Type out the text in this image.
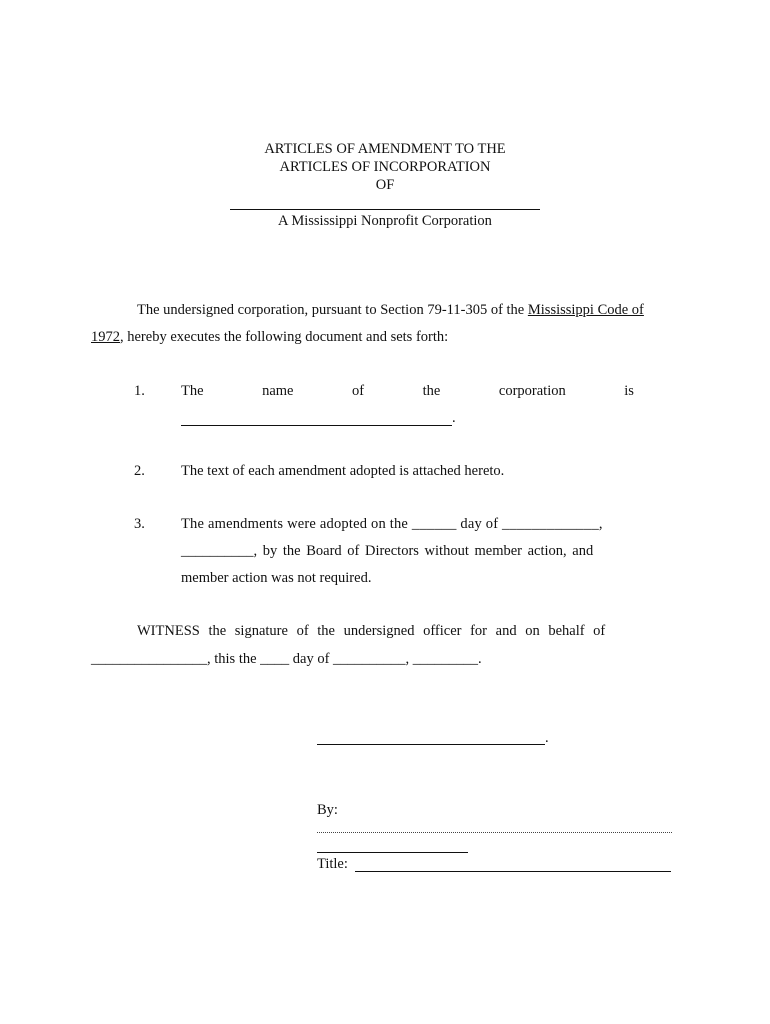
ARTICLES OF AMENDMENT TO THE
ARTICLES OF INCORPORATION
OF
A Mississippi Nonprofit Corporation
The undersigned corporation, pursuant to Section 79-11-305 of the Mississippi Code of
1972, hereby executes the following document and sets forth:
1. The	name	of	the	corporation	is
.
2. The text of each amendment adopted is attached hereto.
3. The amendments were adopted on the ______ day of _____________,
__________, by the Board of Directors without member action, and
member action was not required.
WITNESS the signature of the undersigned officer for and on behalf of
________________, this the ____ day of __________, _________.
.
By:
Title:
